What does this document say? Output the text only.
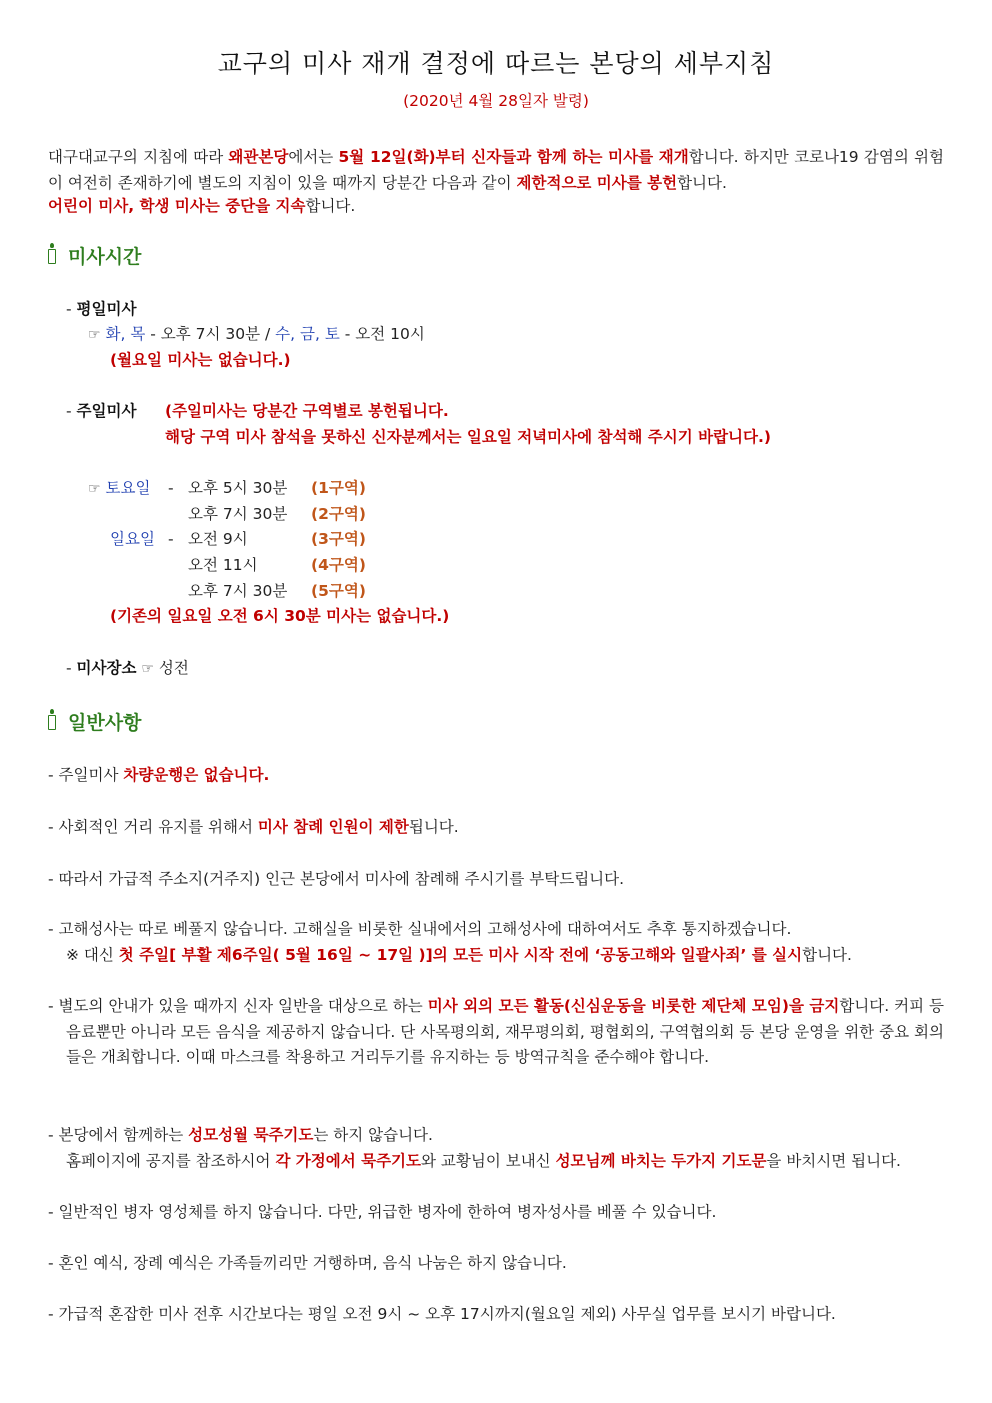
교구의 미사 재개 결정에 따르는 본당의 세부지침
(2020년 4월 28일자 발령)
대구대교구의 지침에 따라 왜관본당에서는 5월 12일(화)부터 신자들과 함께 하는 미사를 재개합니다. 하지만 코로나19 감염의 위험이 여전히 존재하기에 별도의 지침이 있을 때까지 당분간 다음과 같이 제한적으로 미사를 봉헌합니다.
어린이 미사, 학생 미사는 중단을 지속합니다.
미사시간
- 평일미사
☞ 화, 목 - 오후 7시 30분 / 수, 금, 토 - 오전 10시
(월요일 미사는 없습니다.)
- 주일미사 (주일미사는 당분간 구역별로 봉헌됩니다.
해당 구역 미사 참석을 못하신 신자분께서는 일요일 저녁미사에 참석해 주시기 바랍니다.)
☞ 토요일 - 오후 5시 30분 (1구역)
오후 7시 30분 (2구역)
일요일 - 오전 9시	(3구역)
오전 11시	(4구역)
오후 7시 30분 (5구역)
(기존의 일요일 오전 6시 30분 미사는 없습니다.)
- 미사장소 ☞ 성전
일반사항
- 주일미사 차량운행은 없습니다.
- 사회적인 거리 유지를 위해서 미사 참례 인원이 제한됩니다.
- 따라서 가급적 주소지(거주지) 인근 본당에서 미사에 참례해 주시기를 부탁드립니다.
- 고해성사는 따로 베풀지 않습니다. 고해실을 비롯한 실내에서의 고해성사에 대하여서도 추후 통지하겠습니다.
※ 대신 첫 주일[ 부활 제6주일( 5월 16일 ~ 17일 )]의 모든 미사 시작 전에 ‘공동고해와 일괄사죄’ 를 실시합니다.
- 별도의 안내가 있을 때까지 신자 일반을 대상으로 하는 미사 외의 모든 활동(신심운동을 비롯한 제단체 모임)을 금지합니다. 커피 등 음료뿐만 아니라 모든 음식을 제공하지 않습니다. 단 사목평의회, 재무평의회, 평협회의, 구역협의회 등 본당 운영을 위한 중요 회의들은 개최합니다. 이때 마스크를 착용하고 거리두기를 유지하는 등 방역규칙을 준수해야 합니다.
- 본당에서 함께하는 성모성월 묵주기도는 하지 않습니다.
홈페이지에 공지를 참조하시어 각 가정에서 묵주기도와 교황님이 보내신 성모님께 바치는 두가지 기도문을 바치시면 됩니다.
- 일반적인 병자 영성체를 하지 않습니다. 다만, 위급한 병자에 한하여 병자성사를 베풀 수 있습니다.
- 혼인 예식, 장례 예식은 가족들끼리만 거행하며, 음식 나눔은 하지 않습니다.
- 가급적 혼잡한 미사 전후 시간보다는 평일 오전 9시 ~ 오후 17시까지(월요일 제외) 사무실 업무를 보시기 바랍니다.
